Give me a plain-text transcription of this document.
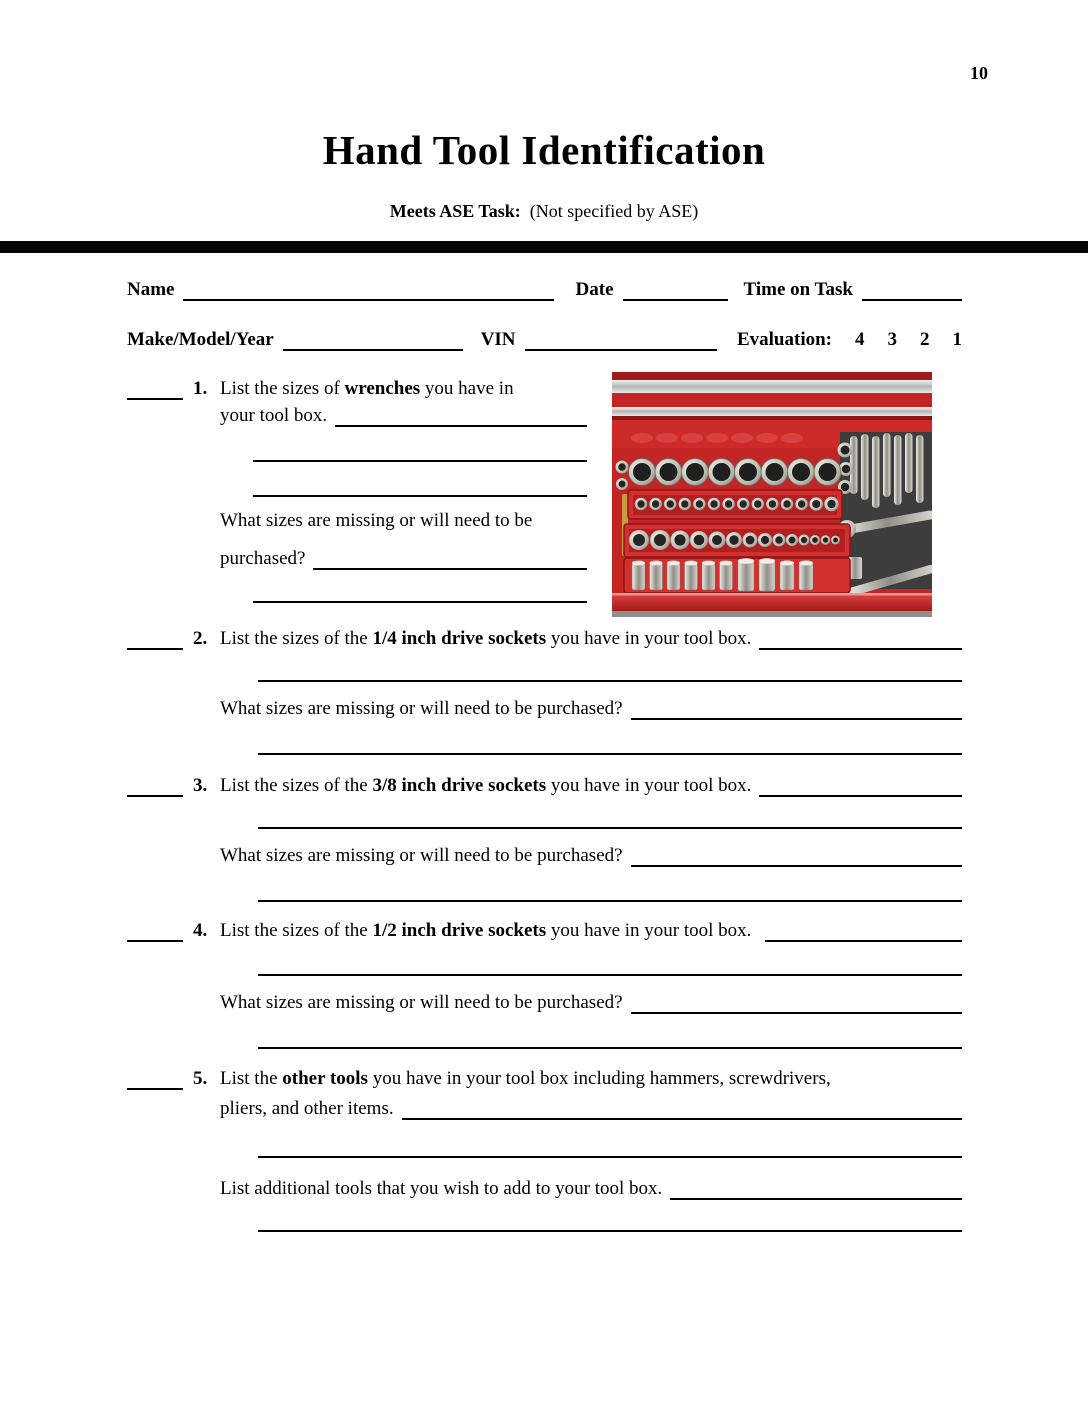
10
Hand Tool Identification
Meets ASE Task: (Not specified by ASE)
Name	Date	Time on Task
Make/Model/Year	VIN	Evaluation: 4 3 2 1
1. List the sizes of wrenches you have in
your tool box.
What sizes are missing or will need to be
purchased?
2. List the sizes of the 1/4 inch drive sockets you have in your tool box.
What sizes are missing or will need to be purchased?
3. List the sizes of the 3/8 inch drive sockets you have in your tool box.
What sizes are missing or will need to be purchased?
4. List the sizes of the 1/2 inch drive sockets you have in your tool box.
What sizes are missing or will need to be purchased?
5. List the other tools you have in your tool box including hammers, screwdrivers,
pliers, and other items.
List additional tools that you wish to add to your tool box.
